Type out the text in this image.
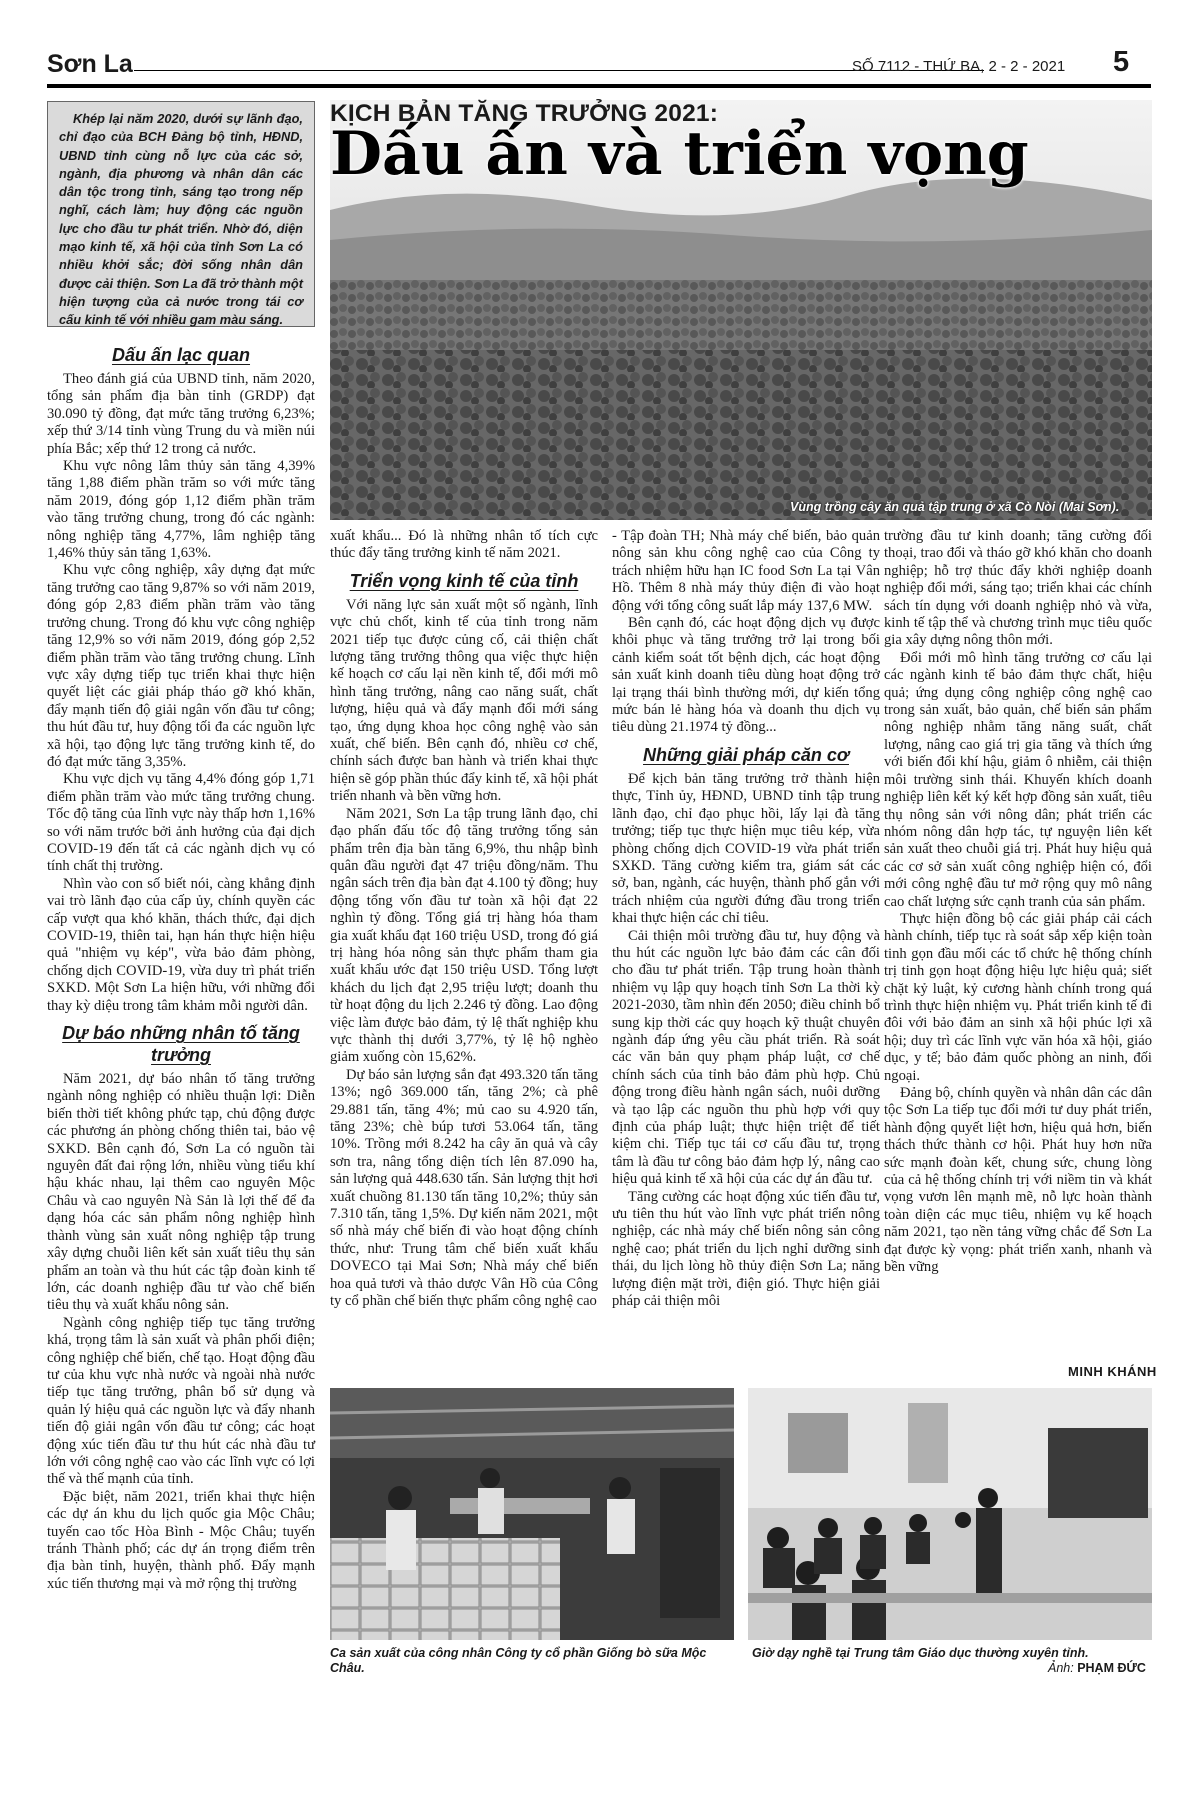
Sơn La	SỐ 7112 - THỨ BA, 2 - 2 - 2021 5
Khép lại năm 2020, dưới sự lãnh đạo, chỉ đạo của BCH Đảng bộ tỉnh, HĐND, UBND tỉnh cùng nỗ lực của các sở, ngành, địa phương và nhân dân các dân tộc trong tỉnh, sáng tạo trong nếp nghĩ, cách làm; huy động các nguồn lực cho đầu tư phát triển. Nhờ đó, diện mạo kinh tế, xã hội của tỉnh Sơn La có nhiều khởi sắc; đời sống nhân dân được cải thiện. Sơn La đã trở thành một hiện tượng của cả nước trong tái cơ cấu kinh tế với nhiều gam màu sáng.
KỊCH BẢN TĂNG TRƯỞNG 2021:
Dấu ấn và triển vọng
Vùng trồng cây ăn quả tập trung ở xã Cò Nòi (Mai Sơn).
Dấu ấn lạc quan

Theo đánh giá của UBND tỉnh, năm 2020, tổng sản phẩm địa bàn tỉnh (GRDP) đạt 30.090 tỷ đồng, đạt mức tăng trưởng 6,23%; xếp thứ 3/14 tỉnh vùng Trung du và miền núi phía Bắc; xếp thứ 12 trong cả nước.

Khu vực nông lâm thủy sản tăng 4,39% tăng 1,88 điểm phần trăm so với mức tăng năm 2019, đóng góp 1,12 điểm phần trăm vào tăng trưởng chung, trong đó các ngành: nông nghiệp tăng 4,77%, lâm nghiệp tăng 1,46% thủy sản tăng 1,63%.

Khu vực công nghiệp, xây dựng đạt mức tăng trưởng cao tăng 9,87% so với năm 2019, đóng góp 2,83 điểm phần trăm vào tăng trưởng chung. Trong đó khu vực công nghiệp tăng 12,9% so với năm 2019, đóng góp 2,52 điểm phần trăm vào tăng trưởng chung. Lĩnh vực xây dựng tiếp tục triển khai thực hiện quyết liệt các giải pháp tháo gỡ khó khăn, đẩy mạnh tiến độ giải ngân vốn đầu tư công; thu hút đầu tư, huy động tối đa các nguồn lực xã hội, tạo động lực tăng trưởng kinh tế, do đó đạt mức tăng 3,35%.

Khu vực dịch vụ tăng 4,4% đóng góp 1,71 điểm phần trăm vào mức tăng trưởng chung. Tốc độ tăng của lĩnh vực này thấp hơn 1,16% so với năm trước bởi ảnh hưởng của đại dịch COVID-19 đến tất cả các ngành dịch vụ có tính chất thị trường.

Nhìn vào con số biết nói, càng khẳng định vai trò lãnh đạo của cấp ủy, chính quyền các cấp vượt qua khó khăn, thách thức, đại dịch COVID-19, thiên tai, hạn hán thực hiện hiệu quả "nhiệm vụ kép", vừa bảo đảm phòng, chống dịch COVID-19, vừa duy trì phát triển SXKD. Một Sơn La hiện hữu, với những đổi thay kỳ diệu trong tâm khảm mỗi người dân.

Dự báo những nhân tố tăng trưởng

Năm 2021, dự báo nhân tố tăng trưởng ngành nông nghiệp có nhiều thuận lợi: Diễn biến thời tiết không phức tạp, chủ động được các phương án phòng chống thiên tai, bảo vệ SXKD. Bên cạnh đó, Sơn La có nguồn tài nguyên đất đai rộng lớn, nhiều vùng tiểu khí hậu khác nhau, lại thêm cao nguyên Mộc Châu và cao nguyên Nà Sản là lợi thế để đa dạng hóa các sản phẩm nông nghiệp hình thành vùng sản xuất nông nghiệp tập trung xây dựng chuỗi liên kết sản xuất tiêu thụ sản phẩm an toàn và thu hút các tập đoàn kinh tế lớn, các doanh nghiệp đầu tư vào chế biến tiêu thụ và xuất khẩu nông sản.

Ngành công nghiệp tiếp tục tăng trưởng khá, trọng tâm là sản xuất và phân phối điện; công nghiệp chế biến, chế tạo. Hoạt động đầu tư của khu vực nhà nước và ngoài nhà nước tiếp tục tăng trưởng, phân bổ sử dụng và quản lý hiệu quả các nguồn lực và đẩy nhanh tiến độ giải ngân vốn đầu tư công; các hoạt động xúc tiến đầu tư thu hút các nhà đầu tư lớn với công nghệ cao vào các lĩnh vực có lợi thế và thế mạnh của tỉnh.

Đặc biệt, năm 2021, triển khai thực hiện các dự án khu du lịch quốc gia Mộc Châu; tuyến cao tốc Hòa Bình - Mộc Châu; tuyến tránh Thành phố; các dự án trọng điểm trên địa bàn tỉnh, huyện, thành phố. Đẩy mạnh xúc tiến thương mại và mở rộng thị trường

xuất khẩu... Đó là những nhân tố tích cực thúc đẩy tăng trưởng kinh tế năm 2021.

Triển vọng kinh tế của tỉnh

Với năng lực sản xuất một số ngành, lĩnh vực chủ chốt, kinh tế của tỉnh trong năm 2021 tiếp tục được củng cố, cải thiện chất lượng tăng trưởng thông qua việc thực hiện kế hoạch cơ cấu lại nền kinh tế, đổi mới mô hình tăng trưởng, nâng cao năng suất, chất lượng, hiệu quả và đẩy mạnh đổi mới sáng tạo, ứng dụng khoa học công nghệ vào sản xuất, chế biến. Bên cạnh đó, nhiều cơ chế, chính sách được ban hành và triển khai thực hiện sẽ góp phần thúc đẩy kinh tế, xã hội phát triển nhanh và bền vững hơn.

Năm 2021, Sơn La tập trung lãnh đạo, chỉ đạo phấn đấu tốc độ tăng trưởng tổng sản phẩm trên địa bàn tăng 6,9%, thu nhập bình quân đầu người đạt 47 triệu đồng/năm. Thu ngân sách trên địa bàn đạt 4.100 tỷ đồng; huy động tổng vốn đầu tư toàn xã hội đạt 22 nghìn tỷ đồng. Tổng giá trị hàng hóa tham gia xuất khẩu đạt 160 triệu USD, trong đó giá trị hàng hóa nông sản thực phẩm tham gia xuất khẩu ước đạt 150 triệu USD. Tổng lượt khách du lịch đạt 2,95 triệu lượt; doanh thu từ hoạt động du lịch 2.246 tỷ đồng. Lao động việc làm được bảo đảm, tỷ lệ thất nghiệp khu vực thành thị dưới 3,77%, tỷ lệ hộ nghèo giảm xuống còn 15,62%.

Dự báo sản lượng sắn đạt 493.320 tấn tăng 13%; ngô 369.000 tấn, tăng 2%; cà phê 29.881 tấn, tăng 4%; mủ cao su 4.920 tấn, tăng 23%; chè búp tươi 53.064 tấn, tăng 10%. Trồng mới 8.242 ha cây ăn quả và cây sơn tra, nâng tổng diện tích lên 87.090 ha, sản lượng quả 448.630 tấn. Sản lượng thịt hơi xuất chuồng 81.130 tấn tăng 10,2%; thủy sản 7.310 tấn, tăng 1,5%. Dự kiến năm 2021, một số nhà máy chế biến đi vào hoạt động chính thức, như: Trung tâm chế biến xuất khẩu DOVECO tại Mai Sơn; Nhà máy chế biến hoa quả tươi và thảo dược Vân Hồ của Công ty cổ phần chế biến thực phẩm công nghệ cao

- Tập đoàn TH; Nhà máy chế biến, bảo quản nông sản khu công nghệ cao của Công ty trách nhiệm hữu hạn IC food Sơn La tại Vân Hồ. Thêm 8 nhà máy thủy điện đi vào hoạt động với tổng công suất lắp máy 137,6 MW.

Bên cạnh đó, các hoạt động dịch vụ được khôi phục và tăng trưởng trở lại trong bối cảnh kiểm soát tốt bệnh dịch, các hoạt động sản xuất kinh doanh tiêu dùng hoạt động trở lại trạng thái bình thường mới, dự kiến tổng mức bán lẻ hàng hóa và doanh thu dịch vụ tiêu dùng 21.1974 tỷ đồng...

Những giải pháp căn cơ

Để kịch bản tăng trưởng trở thành hiện thực, Tỉnh ủy, HĐND, UBND tỉnh tập trung lãnh đạo, chỉ đạo phục hồi, lấy lại đà tăng trưởng; tiếp tục thực hiện mục tiêu kép, vừa phòng chống dịch COVID-19 vừa phát triển SXKD. Tăng cường kiểm tra, giám sát các sở, ban, ngành, các huyện, thành phố gắn với trách nhiệm của người đứng đầu trong triển khai thực hiện các chỉ tiêu.

Cải thiện môi trường đầu tư, huy động và thu hút các nguồn lực bảo đảm các cân đối cho đầu tư phát triển. Tập trung hoàn thành nhiệm vụ lập quy hoạch tỉnh Sơn La thời kỳ 2021-2030, tầm nhìn đến 2050; điều chỉnh bổ sung kịp thời các quy hoạch kỹ thuật chuyên ngành đáp ứng yêu cầu phát triển. Rà soát các văn bản quy phạm pháp luật, cơ chế chính sách của tỉnh bảo đảm phù hợp. Chủ động trong điều hành ngân sách, nuôi dưỡng và tạo lập các nguồn thu phù hợp với quy định của pháp luật; thực hiện triệt để tiết kiệm chi. Tiếp tục tái cơ cấu đầu tư, trọng tâm là đầu tư công bảo đảm hợp lý, nâng cao hiệu quả kinh tế xã hội của các dự án đầu tư.

Tăng cường các hoạt động xúc tiến đầu tư, ưu tiên thu hút vào lĩnh vực phát triển nông nghiệp, các nhà máy chế biến nông sản công nghệ cao; phát triển du lịch nghỉ dưỡng sinh thái, du lịch lòng hồ thủy điện Sơn La; năng lượng điện mặt trời, điện gió. Thực hiện giải pháp cải thiện môi

trường đầu tư kinh doanh; tăng cường đối thoại, trao đổi và tháo gỡ khó khăn cho doanh nghiệp; hỗ trợ thúc đẩy khởi nghiệp doanh nghiệp đổi mới, sáng tạo; triển khai các chính sách tín dụng với doanh nghiệp nhỏ và vừa, kinh tế tập thể và chương trình mục tiêu quốc gia xây dựng nông thôn mới.

Đổi mới mô hình tăng trưởng cơ cấu lại các ngành kinh tế bảo đảm thực chất, hiệu quả; ứng dụng công nghiệp công nghệ cao trong sản xuất, bảo quản, chế biến sản phẩm nông nghiệp nhằm tăng năng suất, chất lượng, nâng cao giá trị gia tăng và thích ứng với biến đổi khí hậu, giảm ô nhiễm, cải thiện môi trường sinh thái. Khuyến khích doanh nghiệp liên kết ký kết hợp đồng sản xuất, tiêu thụ nông sản với nông dân; phát triển các nhóm nông dân hợp tác, tự nguyện liên kết sản xuất theo chuỗi giá trị. Phát huy hiệu quả các cơ sở sản xuất công nghiệp hiện có, đổi mới công nghệ đầu tư mở rộng quy mô nâng cao chất lượng sức cạnh tranh của sản phẩm.

Thực hiện đồng bộ các giải pháp cải cách hành chính, tiếp tục rà soát sắp xếp kiện toàn tinh gọn đầu mối các tổ chức hệ thống chính trị tinh gọn hoạt động hiệu lực hiệu quả; siết chặt kỷ luật, kỷ cương hành chính trong quá trình thực hiện nhiệm vụ. Phát triển kinh tế đi đôi với bảo đảm an sinh xã hội phúc lợi xã hội; duy trì các lĩnh vực văn hóa xã hội, giáo dục, y tế; bảo đảm quốc phòng an ninh, đối ngoại.

Đảng bộ, chính quyền và nhân dân các dân tộc Sơn La tiếp tục đổi mới tư duy phát triển, hành động quyết liệt hơn, hiệu quả hơn, biến thách thức thành cơ hội. Phát huy hơn nữa sức mạnh đoàn kết, chung sức, chung lòng của cả hệ thống chính trị với niềm tin và khát vọng vươn lên mạnh mẽ, nỗ lực hoàn thành toàn diện các mục tiêu, nhiệm vụ kế hoạch năm 2021, tạo nền tảng vững chắc để Sơn La đạt được kỳ vọng: phát triển xanh, nhanh và bền vững

MINH KHÁNH
Ca sản xuất của công nhân Công ty cổ phần Giống bò sữa Mộc Châu.
Giờ dạy nghề tại Trung tâm Giáo dục thường xuyên tỉnh.
Ảnh: PHẠM ĐỨC
